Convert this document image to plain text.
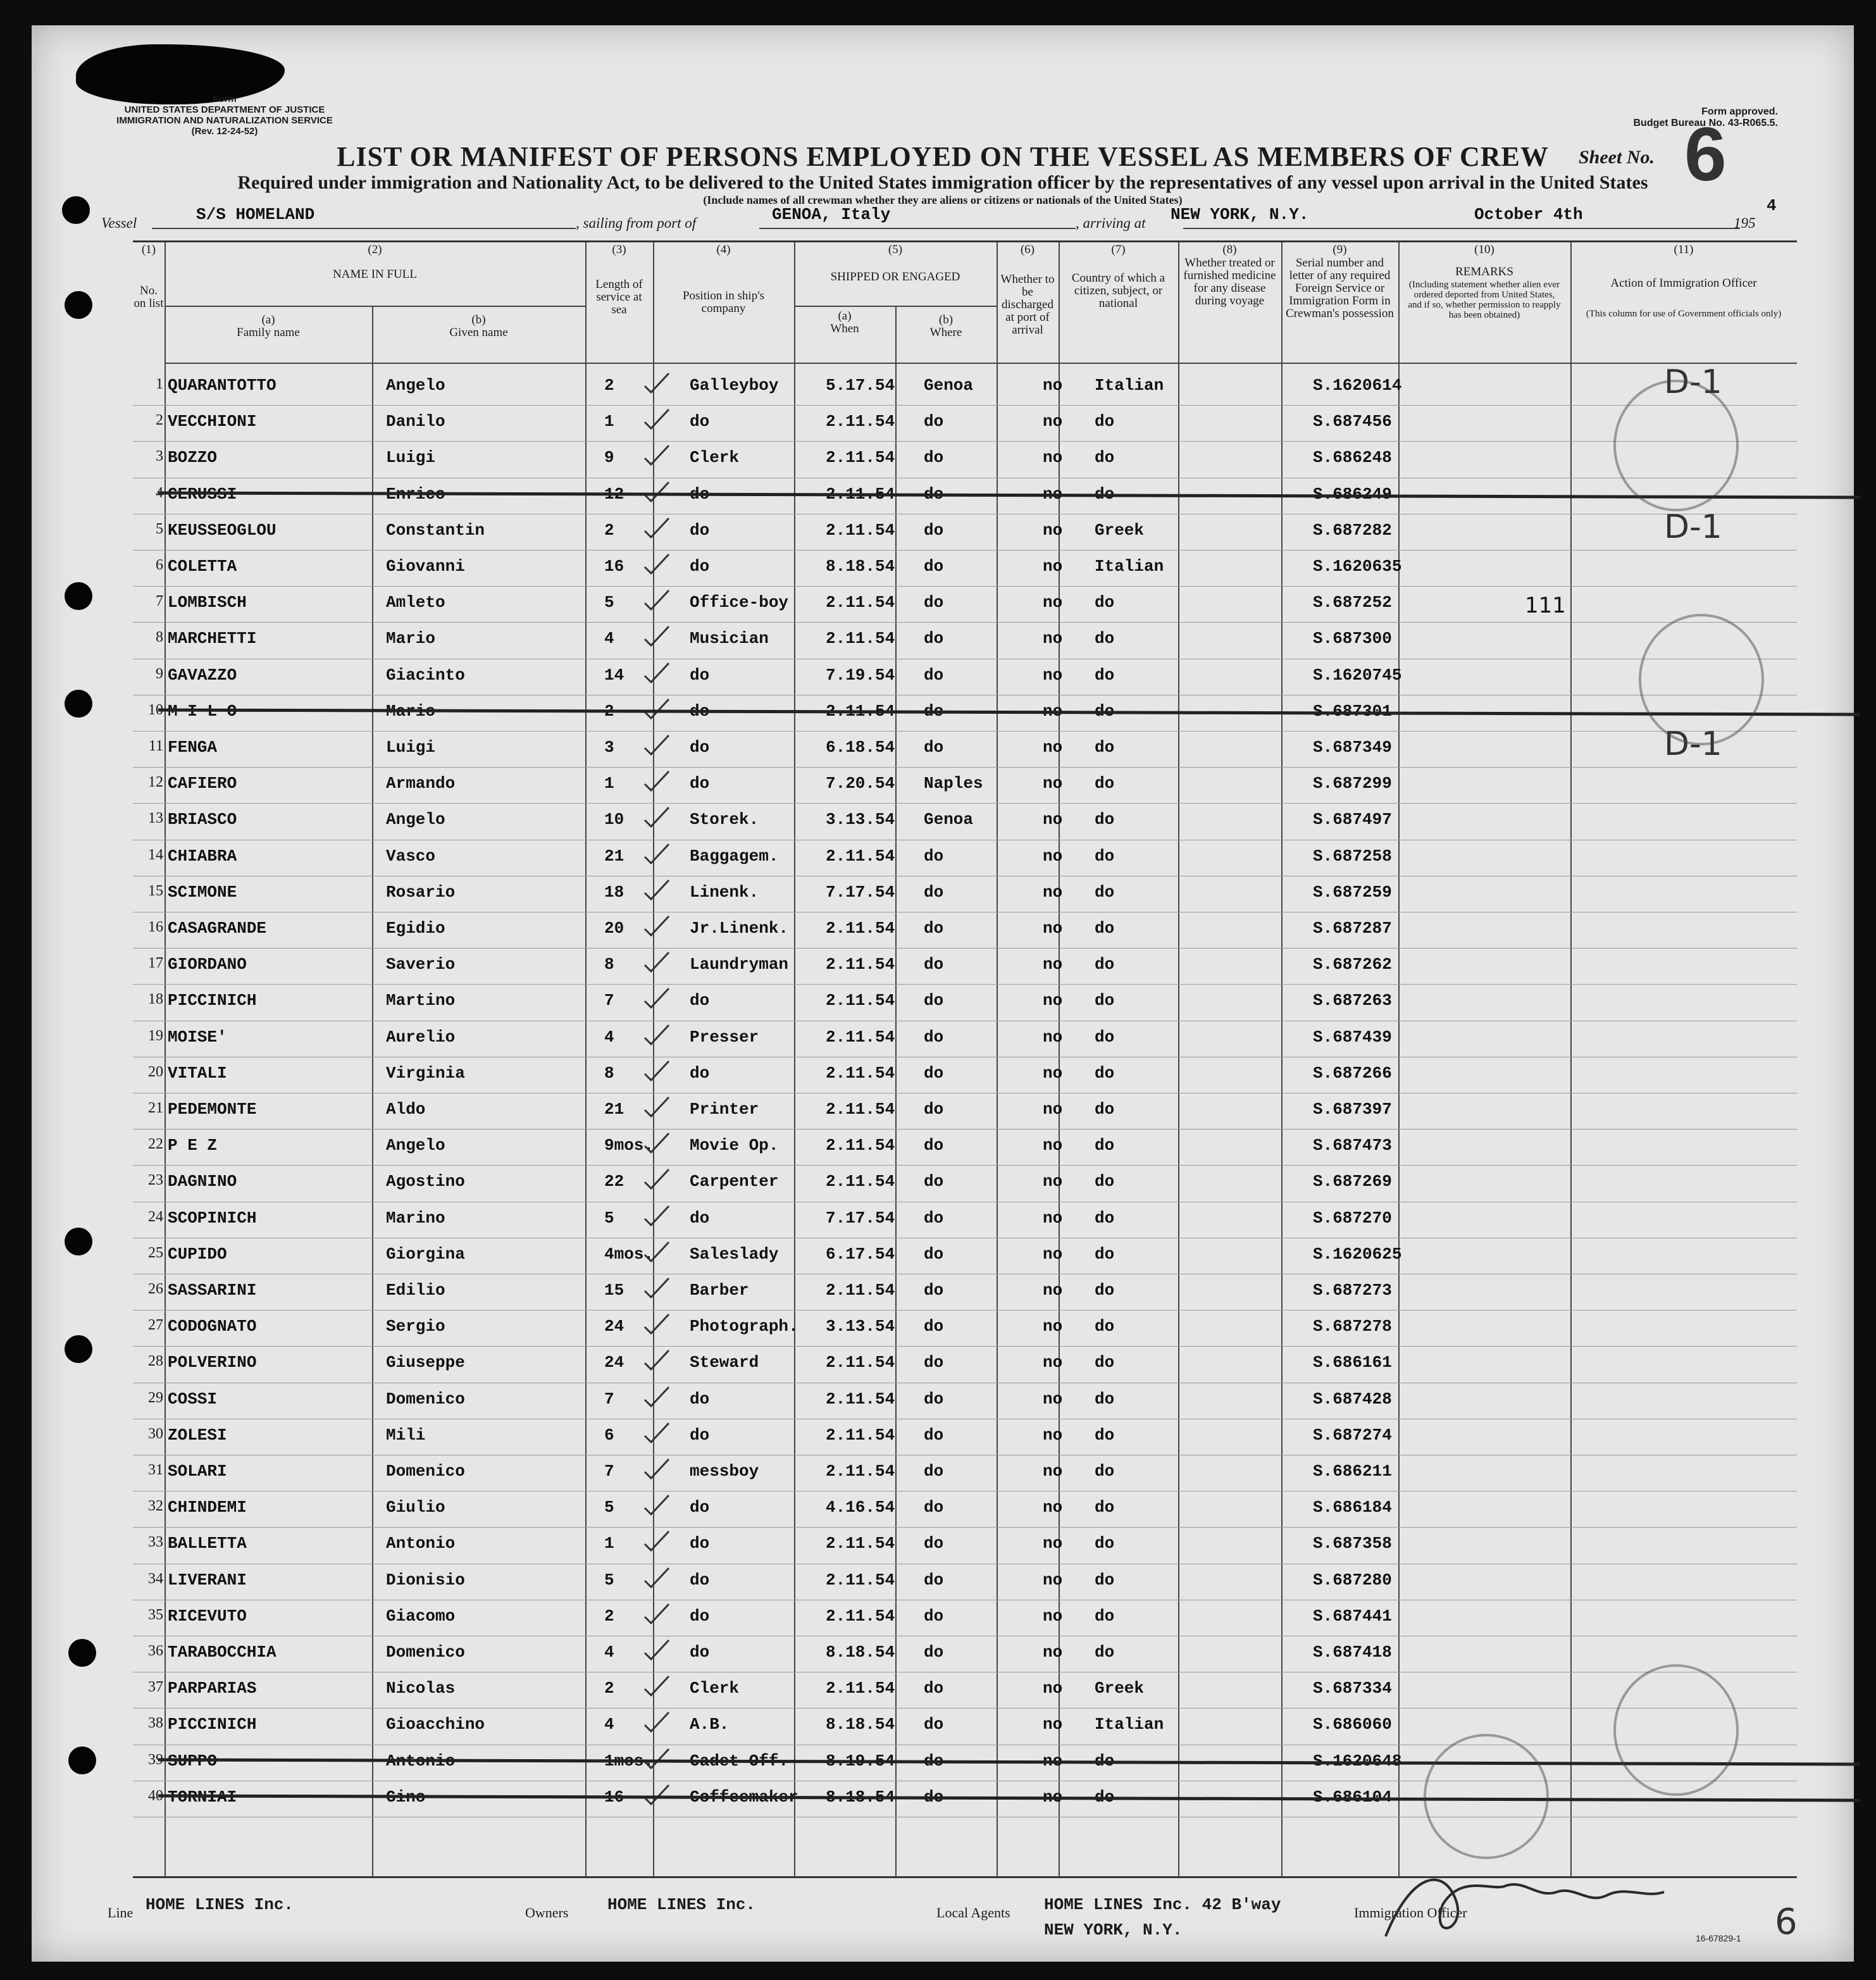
Form
UNITED STATES DEPARTMENT OF JUSTICE
IMMIGRATION AND NATURALIZATION SERVICE
(Rev. 12-24-52)
Form approved.
Budget Bureau No. 43-R065.5.
LIST OR MANIFEST OF PERSONS EMPLOYED ON THE VESSEL AS MEMBERS OF CREW	Sheet No. 6
Required under immigration and Nationality Act, to be delivered to the United States immigration officer by the representatives of any vessel upon arrival in the United States
(Include names of all crewman whether they are aliens or citizens or nationals of the United States)
Vessel	S/S HOMELAND	, sailing from port of	GENOA, Italy	, arriving at NEW YORK, N.Y.	October 4th	195
4
(1)
No. on list
(2)
NAME IN FULL
(a)
Family name
(b)
Given name
(3)
Length of service at sea
(4)
Position in ship's company
(5)
SHIPPED OR ENGAGED
(a)
When
(b)
Where
(6)
Whether to be discharged at port of arrival
(7)
Country of which a citizen, subject, or national
(8)
Whether treated or furnished medicine for any disease during voyage
(9)
Serial number and letter of any required Foreign Service or Immigration Form in Crewman's possession
(10)
REMARKS
(Including statement whether alien ever ordered deported from United States, and if so, whether permission to reapply has been obtained)
(11)
Action of Immigration Officer
(This column for use of Government officials only)
1 QUARANTOTTO	Angelo	2	Galleyboy	5.17.54 Genoa	no Italian	S.1620614	D-1
2 VECCHIONI	Danilo	1	do	2.11.54 do	no do	S.687456
3 BOZZO	Luigi	9	Clerk	2.11.54 do	no do	S.686248
4 CERUSSI	Enrico	12	do	2.11.54 do	no do	S.686249
5 KEUSSEOGLOU	Constantin	2	do	2.11.54 do	no Greek	S.687282	D-1
6 COLETTA	Giovanni	16	do	8.18.54 do	no Italian	S.1620635
7 LOMBISCH	Amleto	5	Office-boy 2.11.54 do	no do	S.687252	111
8 MARCHETTI	Mario	4	Musician	2.11.54 do	no do	S.687300
9 GAVAZZO	Giacinto	14	do	7.19.54 do	no do	S.1620745
10 M I L O	Mario	2	do	2.11.54 do	no do	S.687301
11 FENGA	Luigi	3	do	6.18.54 do	no do	S.687349	D-1
12 CAFIERO	Armando	1	do	7.20.54 Naples	no do	S.687299
13 BRIASCO	Angelo	10	Storek.	3.13.54 Genoa	no do	S.687497
14 CHIABRA	Vasco	21	Baggagem.	2.11.54 do	no do	S.687258
15 SCIMONE	Rosario	18	Linenk.	7.17.54 do	no do	S.687259
16 CASAGRANDE	Egidio	20	Jr.Linenk. 2.11.54 do	no do	S.687287
17 GIORDANO	Saverio	8	Laundryman 2.11.54 do	no do	S.687262
18 PICCINICH	Martino	7	do	2.11.54 do	no do	S.687263
19 MOISE'	Aurelio	4	Presser	2.11.54 do	no do	S.687439
20 VITALI	Virginia	8	do	2.11.54 do	no do	S.687266
21 PEDEMONTE	Aldo	21	Printer	2.11.54 do	no do	S.687397
22 P E Z	Angelo	9mos. Movie Op.	2.11.54 do	no do	S.687473
23 DAGNINO	Agostino	22	Carpenter	2.11.54 do	no do	S.687269
24 SCOPINICH	Marino	5	do	7.17.54 do	no do	S.687270
25 CUPIDO	Giorgina	4mos. Saleslady	6.17.54 do	no do	S.1620625
26 SASSARINI	Edilio	15	Barber	2.11.54 do	no do	S.687273
27 CODOGNATO	Sergio	24	Photograph. 3.13.54 do	no do	S.687278
28 POLVERINO	Giuseppe	24	Steward	2.11.54 do	no do	S.686161
29 COSSI	Domenico	7	do	2.11.54 do	no do	S.687428
30 ZOLESI	Mili	6	do	2.11.54 do	no do	S.687274
31 SOLARI	Domenico	7	messboy	2.11.54 do	no do	S.686211
32 CHINDEMI	Giulio	5	do	4.16.54 do	no do	S.686184
33 BALLETTA	Antonio	1	do	2.11.54 do	no do	S.687358
34 LIVERANI	Dionisio	5	do	2.11.54 do	no do	S.687280
35 RICEVUTO	Giacomo	2	do	2.11.54 do	no do	S.687441
36 TARABOCCHIA	Domenico	4	do	8.18.54 do	no do	S.687418
37 PARPARIAS	Nicolas	2	Clerk	2.11.54 do	no Greek	S.687334
38 PICCINICH	Gioacchino	4	A.B.	8.18.54 do	no Italian	S.686060
39 SUPPO	Antonio	1mos. Cadet Off. 8.19.54 do	no do	S.1620648
40 TORNIAI	Gino	16	Coffeemaker 8.18.54 do	no do	S.686104
Line HOME LINES Inc.	Owners HOME LINES Inc.	Local Agents HOME LINES Inc. 42 B'way
NEW YORK, N.Y.
Immigration Officer
16-67829-1 6
